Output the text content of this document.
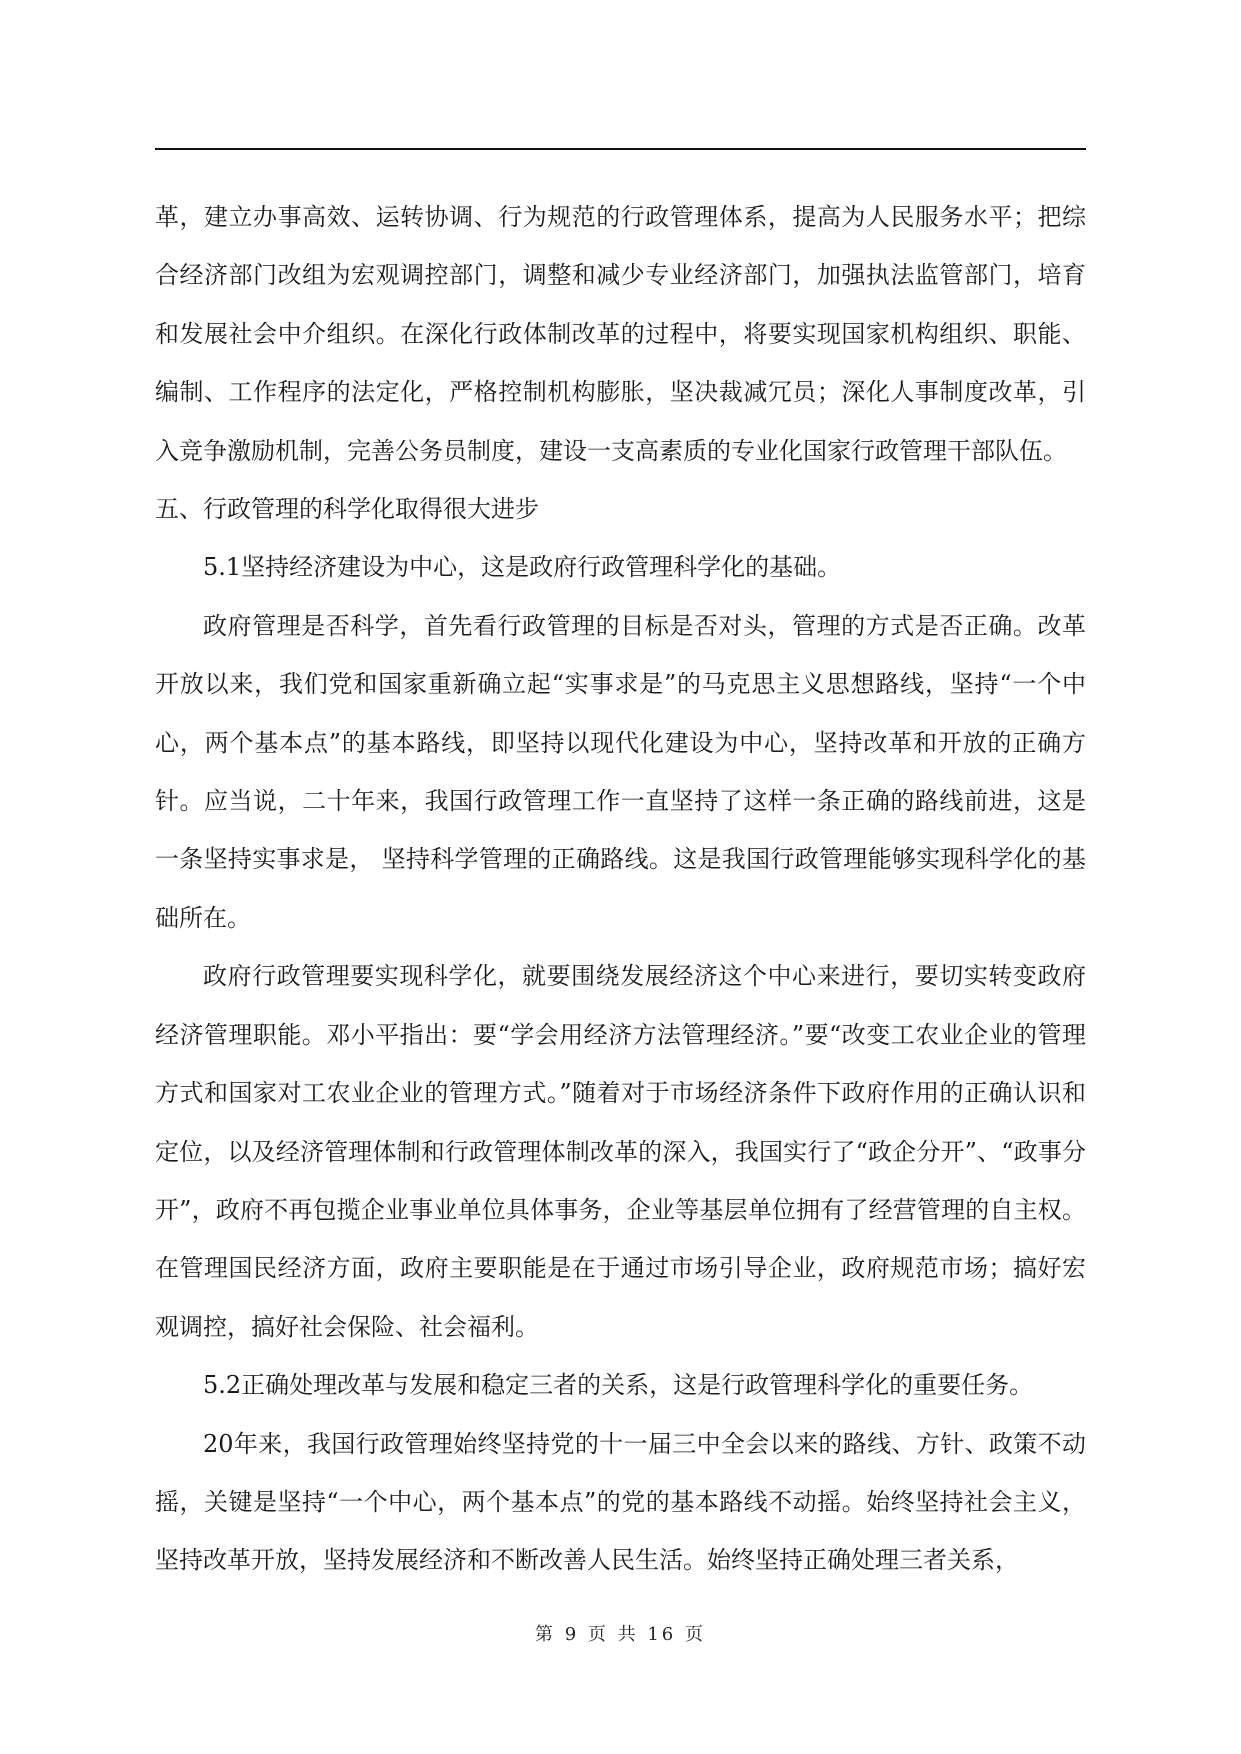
革，建立办事高效、运转协调、行为规范的行政管理体系，提高为人民服务水平；把综合经济部门改组为宏观调控部门，调整和减少专业经济部门，加强执法监管部门，培育和发展社会中介组织。在深化行政体制改革的过程中，将要实现国家机构组织、职能、编制、工作程序的法定化，严格控制机构膨胀，坚决裁减冗员；深化人事制度改革，引入竞争激励机制，完善公务员制度，建设一支高素质的专业化国家行政管理干部队伍。

五、行政管理的科学化取得很大进步

5.1坚持经济建设为中心，这是政府行政管理科学化的基础。

政府管理是否科学，首先看行政管理的目标是否对头，管理的方式是否正确。改革开放以来，我们党和国家重新确立起“实事求是”的马克思主义思想路线，坚持“一个中心，两个基本点”的基本路线，即坚持以现代化建设为中心，坚持改革和开放的正确方针。应当说，二十年来，我国行政管理工作一直坚持了这样一条正确的路线前进，这是一条坚持实事求是， 坚持科学管理的正确路线。这是我国行政管理能够实现科学化的基础所在。

政府行政管理要实现科学化，就要围绕发展经济这个中心来进行，要切实转变政府经济管理职能。邓小平指出：要“学会用经济方法管理经济。”要“改变工农业企业的管理方式和国家对工农业企业的管理方式。”随着对于市场经济条件下政府作用的正确认识和定位，以及经济管理体制和行政管理体制改革的深入，我国实行了“政企分开”、“政事分开”，政府不再包揽企业事业单位具体事务，企业等基层单位拥有了经营管理的自主权。在管理国民经济方面，政府主要职能是在于通过市场引导企业，政府规范市场；搞好宏观调控，搞好社会保险、社会福利。

5.2正确处理改革与发展和稳定三者的关系，这是行政管理科学化的重要任务。

20年来，我国行政管理始终坚持党的十一届三中全会以来的路线、方针、政策不动摇，关键是坚持“一个中心，两个基本点”的党的基本路线不动摇。始终坚持社会主义，坚持改革开放，坚持发展经济和不断改善人民生活。始终坚持正确处理三者关系，

第 9 页 共 16 页
